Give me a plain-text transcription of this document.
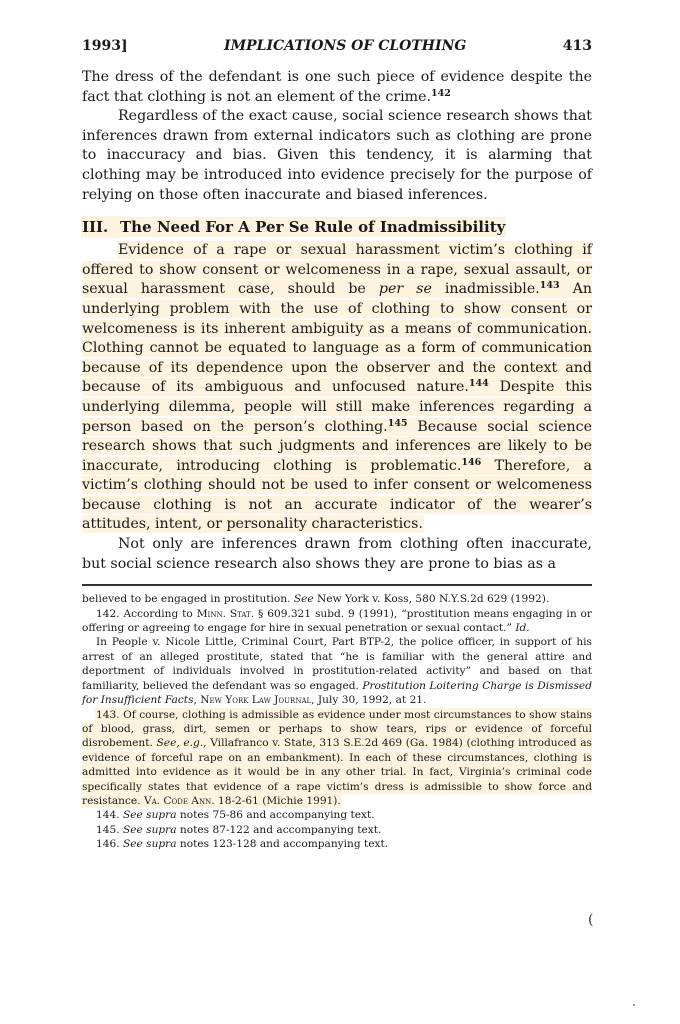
1993]	IMPLICATIONS OF CLOTHING	413

The dress of the defendant is one such piece of evidence despite the fact that clothing is not an element of the crime.$^{142}$

Regardless of the exact cause, social science research shows that inferences drawn from external indicators such as clothing are prone to inaccuracy and bias. Given this tendency, it is alarming that clothing may be introduced into evidence precisely for the purpose of relying on those often inaccurate and biased inferences.

III. The Need For A Per Se Rule of Inadmissibility

Evidence of a rape or sexual harassment victim’s clothing if offered to show consent or welcomeness in a rape, sexual assault, or sexual harassment case, should be per se inadmissible.$^{143}$ An underlying problem with the use of clothing to show consent or welcomeness is its inherent ambiguity as a means of communication. Clothing cannot be equated to language as a form of communication because of its dependence upon the observer and the context and because of its ambiguous and unfocused nature.$^{144}$ Despite this underlying dilemma, people will still make inferences regarding a person based on the person’s clothing.$^{145}$ Because social science research shows that such judgments and inferences are likely to be inaccurate, introducing clothing is problematic.$^{146}$ Therefore, a victim’s clothing should not be used to infer consent or welcomeness because clothing is not an accurate indicator of the wearer’s attitudes, intent, or personality characteristics.

Not only are inferences drawn from clothing often inaccurate, but social science research also shows they are prone to bias as a

believed to be engaged in prostitution. See New York v. Koss, 580 N.Y.S.2d 629 (1992).

142. According to Minn. Stat. § 609.321 subd. 9 (1991), “prostitution means engaging in or offering or agreeing to engage for hire in sexual penetration or sexual contact.” Id.

In People v. Nicole Little, Criminal Court, Part BTP-2, the police officer, in support of his arrest of an alleged prostitute, stated that “he is familiar with the general attire and deportment of individuals involved in prostitution-related activity” and based on that familiarity, believed the defendant was so engaged. Prostitution Loitering Charge is Dismissed for Insufficient Facts, New York Law Journal, July 30, 1992, at 21.

143. Of course, clothing is admissible as evidence under most circumstances to show stains of blood, grass, dirt, semen or perhaps to show tears, rips or evidence of forceful disrobement. See, e.g., Villafranco v. State, 313 S.E.2d 469 (Ga. 1984) (clothing introduced as evidence of forceful rape on an embankment). In each of these circumstances, clothing is admitted into evidence as it would be in any other trial. In fact, Virginia’s criminal code specifically states that evidence of a rape victim’s dress is admissible to show force and resistance. Va. Code Ann. 18-2-61 (Michie 1991).

144. See supra notes 75-86 and accompanying text.

145. See supra notes 87-122 and accompanying text.

146. See supra notes 123-128 and accompanying text.

(
